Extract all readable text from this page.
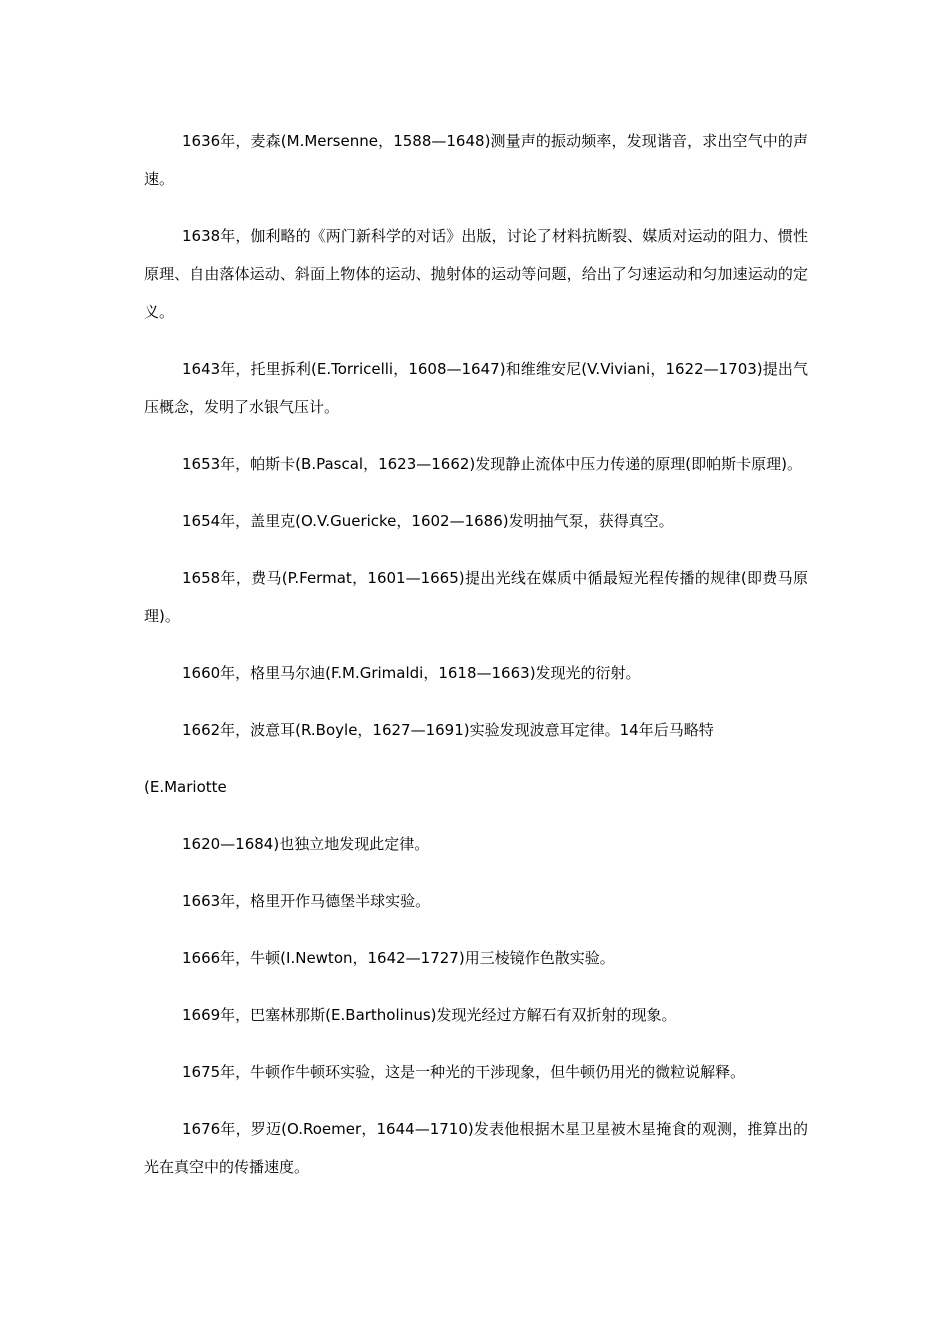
1636年，麦森(M.Mersenne，1588—1648)测量声的振动频率，发现谐音，求出空气中的声速。

1638年，伽利略的《两门新科学的对话》出版，讨论了材料抗断裂、媒质对运动的阻力、惯性原理、自由落体运动、斜面上物体的运动、抛射体的运动等问题，给出了匀速运动和匀加速运动的定义。

1643年，托里拆利(E.Torricelli，1608—1647)和维维安尼(V.Viviani，1622—1703)提出气压概念，发明了水银气压计。

1653年，帕斯卡(B.Pascal，1623—1662)发现静止流体中压力传递的原理(即帕斯卡原理)。

1654年，盖里克(O.V.Guericke，1602—1686)发明抽气泵，获得真空。

1658年，费马(P.Fermat，1601—1665)提出光线在媒质中循最短光程传播的规律(即费马原理)。

1660年，格里马尔迪(F.M.Grimaldi，1618—1663)发现光的衍射。

1662年，波意耳(R.Boyle，1627—1691)实验发现波意耳定律。14年后马略特

(E.Mariotte

1620—1684)也独立地发现此定律。

1663年，格里开作马德堡半球实验。

1666年，牛顿(I.Newton，1642—1727)用三棱镜作色散实验。

1669年，巴塞林那斯(E.Bartholinus)发现光经过方解石有双折射的现象。

1675年，牛顿作牛顿环实验，这是一种光的干涉现象，但牛顿仍用光的微粒说解释。

1676年，罗迈(O.Roemer，1644—1710)发表他根据木星卫星被木星掩食的观测，推算出的光在真空中的传播速度。
